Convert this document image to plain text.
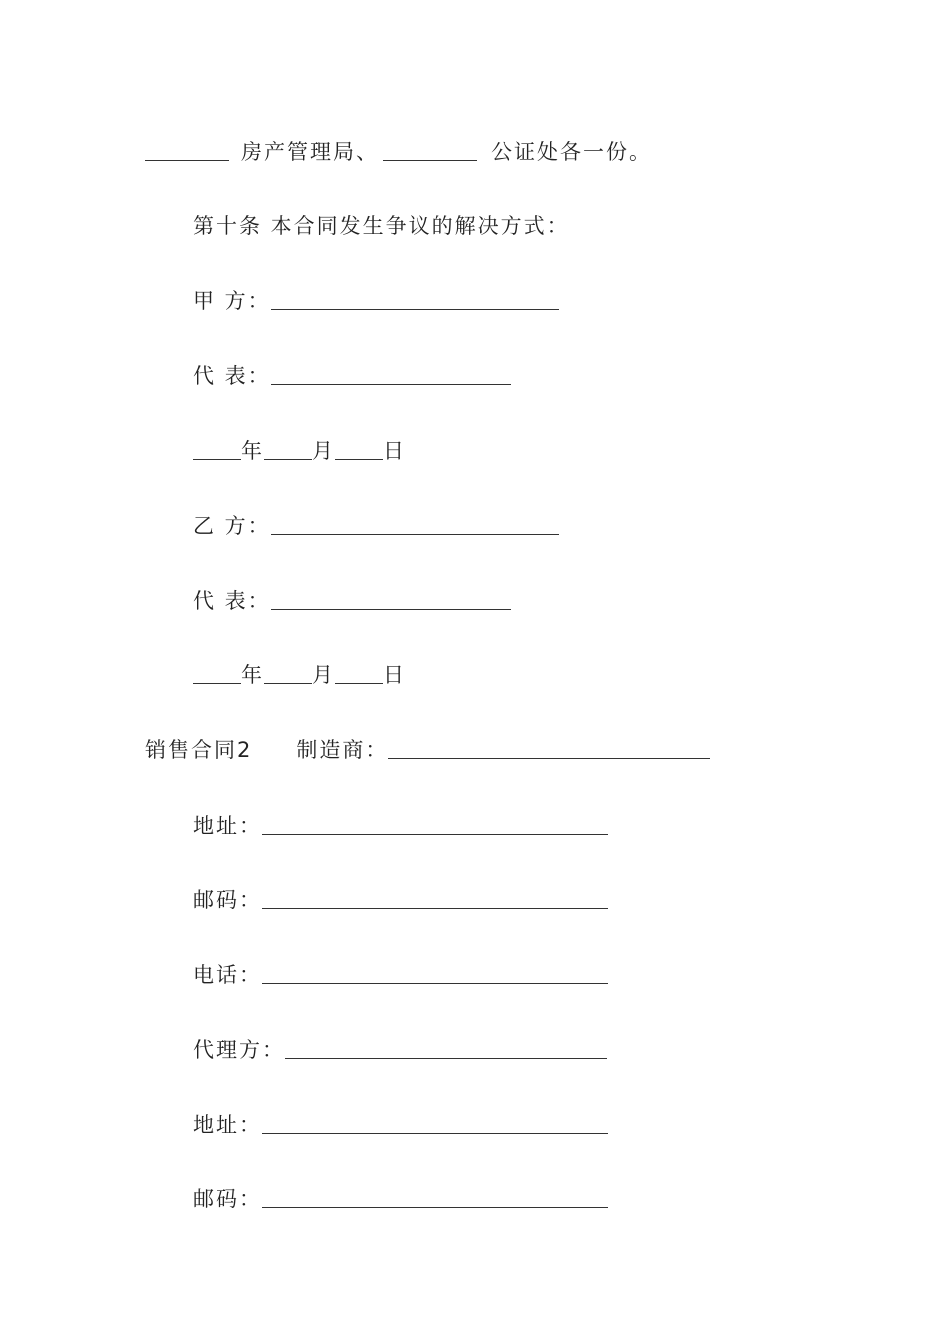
房产管理局、	公证处各一份。
第十条 本合同发生争议的解决方式：
甲 方：
代 表：
年 月 日
乙 方：
代 表：
年 月 日
销售合同2 制造商：
地址：
邮码：
电话：
代理方：
地址：
邮码：
